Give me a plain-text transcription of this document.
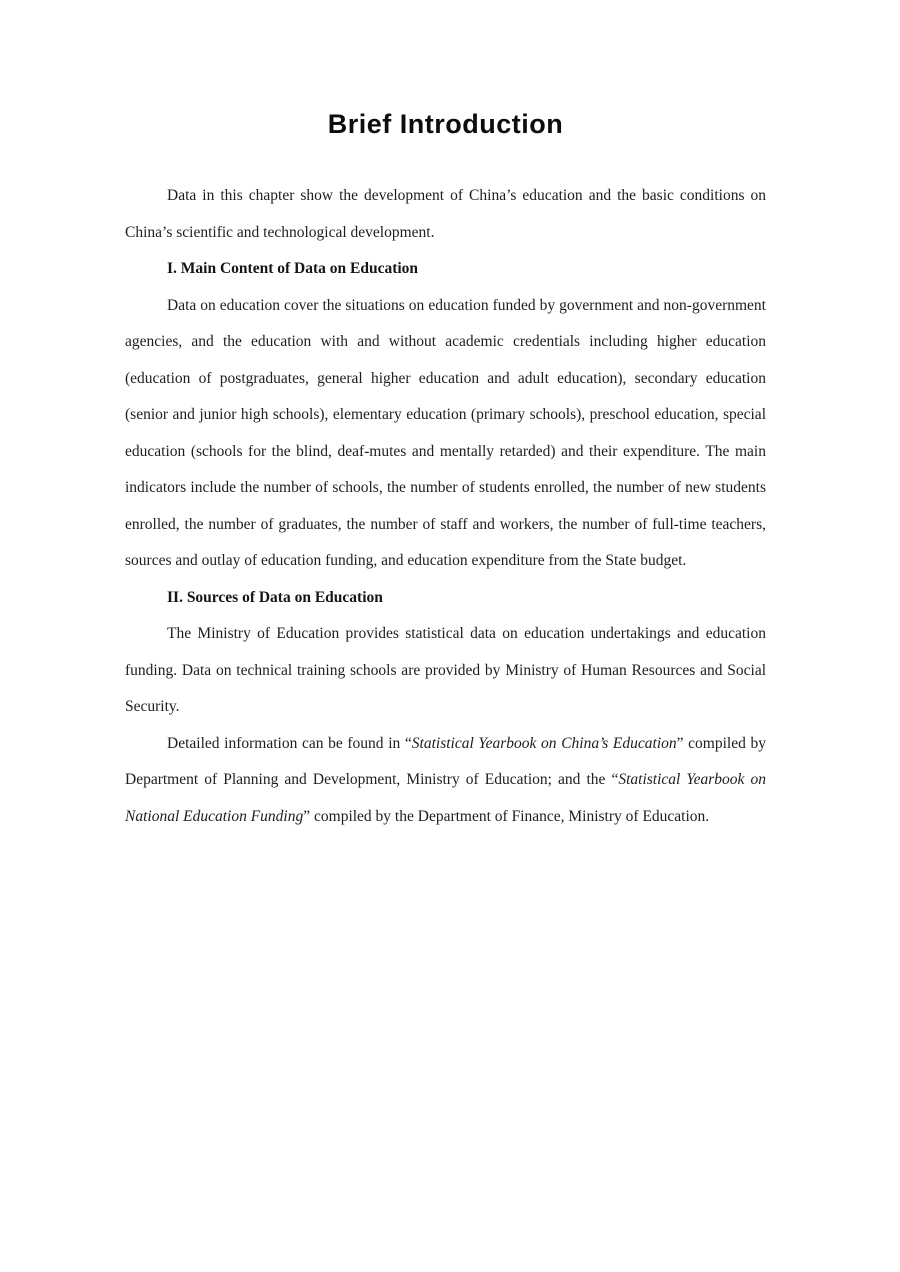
Brief Introduction

Data in this chapter show the development of China’s education and the basic conditions on China’s scientific and technological development.

I. Main Content of Data on Education

Data on education cover the situations on education funded by government and non-government agencies, and the education with and without academic credentials including higher education (education of postgraduates, general higher education and adult education), secondary education (senior and junior high schools), elementary education (primary schools), preschool education, special education (schools for the blind, deaf-mutes and mentally retarded) and their expenditure. The main indicators include the number of schools, the number of students enrolled, the number of new students enrolled, the number of graduates, the number of staff and workers, the number of full-time teachers, sources and outlay of education funding, and education expenditure from the State budget.

II. Sources of Data on Education

The Ministry of Education provides statistical data on education undertakings and education funding. Data on technical training schools are provided by Ministry of Human Resources and Social Security.

Detailed information can be found in “Statistical Yearbook on China’s Education” compiled by Department of Planning and Development, Ministry of Education; and the “Statistical Yearbook on National Education Funding” compiled by the Department of Finance, Ministry of Education.
